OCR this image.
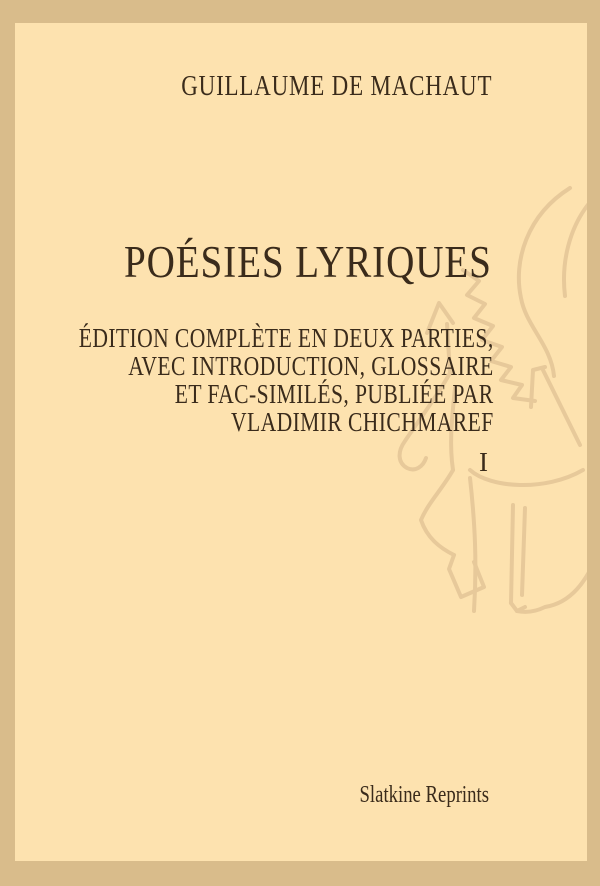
GUILLAUME DE MACHAUT
POÉSIES LYRIQUES
ÉDITION COMPLÈTE EN DEUX PARTIES,
AVEC INTRODUCTION, GLOSSAIRE
ET FAC-SIMILÉS, PUBLIÉE PAR
VLADIMIR CHICHMAREF
I
Slatkine Reprints
